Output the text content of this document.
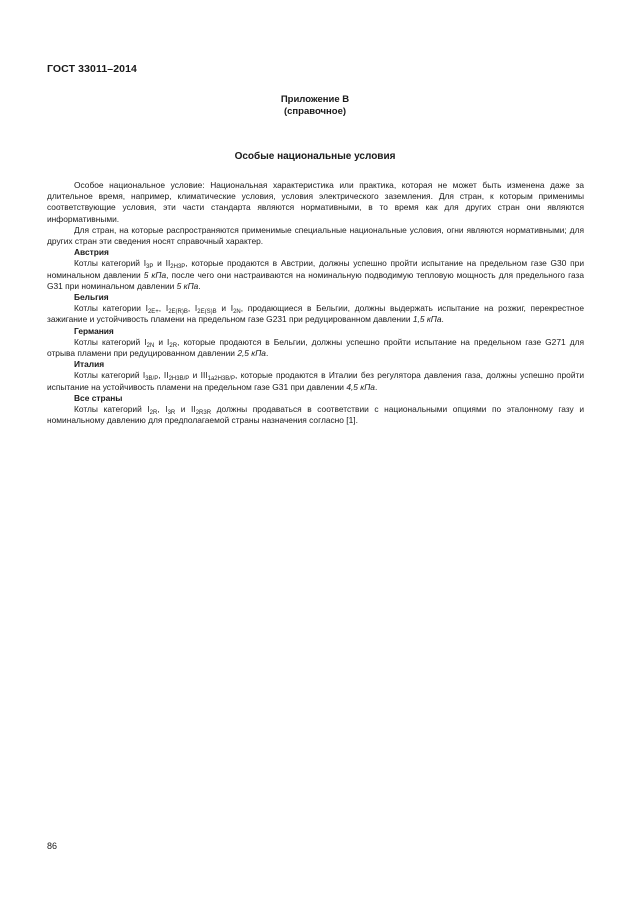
ГОСТ 33011–2014
Приложение В
(справочное)
Особые национальные условия

Особое национальное условие: Национальная характеристика или практика, которая не может быть изменена даже за длительное время, например, климатические условия, условия электрического заземления. Для стран, к которым применимы соответствующие условия, эти части стандарта являются нормативными, в то время как для других стран они являются информативными.

Для стран, на которые распространяются применимые специальные национальные условия, огни являются нормативными; для других стран эти сведения носят справочный характер.

Австрия

Котлы категорий $I_{3P}$ и $II_{2H3P}$, которые продаются в Австрии, должны успешно пройти испытание на предельном газе G30 при номинальном давлении 5 кПа, после чего они настраиваются на номинальную подводимую тепловую мощность для предельного газа G31 при номинальном давлении 5 кПа.

Бельгия

Котлы категории $I_{2E+}$, $I_{2E(R)B}$, $I_{2E(S)B}$ и $I_{2N}$, продающиеся в Бельгии, должны выдержать испытание на розжиг, перекрестное зажигание и устойчивость пламени на предельном газе G231 при редуцированном давлении 1,5 кПа.

Германия

Котлы категорий $I_{2N}$ и $I_{2R}$, которые продаются в Бельгии, должны успешно пройти испытание на предельном газе G271 для отрыва пламени при редуцированном давлении 2,5 кПа.

Италия

Котлы категорий $I_{3B/P}$, $II_{2H3B/P}$ и $III_{1a2H3B/P}$, которые продаются в Италии без регулятора давления газа, должны успешно пройти испытание на устойчивость пламени на предельном газе G31 при давлении 4,5 кПа.

Все страны

Котлы категорий $I_{2R}$, $I_{3R}$ и $II_{2R3R}$ должны продаваться в соответствии с национальными опциями по эталонному газу и номинальному давлению для предполагаемой страны назначения согласно [1].

86
